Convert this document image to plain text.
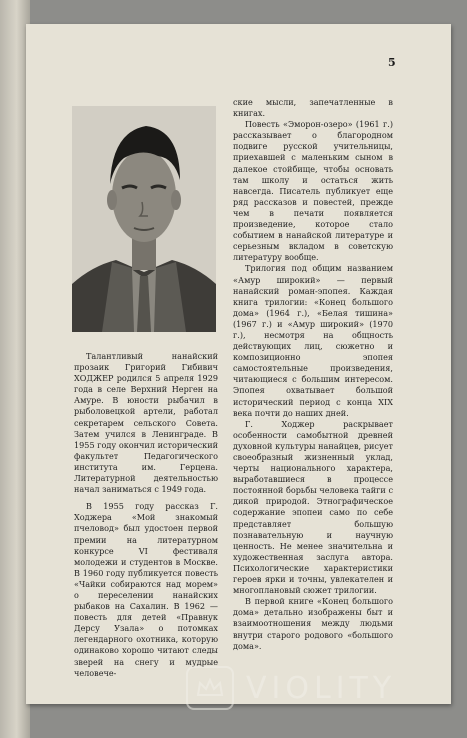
5

Талантливый нанайский прозаик Григорий Гибивич ХОДЖЕР родился 5 апреля 1929 года в селе Верхний Нерген на Амуре. В юности рыбачил в рыболовецкой артели, работал секретарем сельского Совета. Затем учился в Ленинграде. В 1955 году окончил исторический факультет Педагогического института им. Герцена. Литературной деятельностью начал заниматься с 1949 года.

В 1955 году рассказ Г. Ходжера «Мой знакомый пчеловод» был удостоен первой премии на литературном конкурсе VI фестиваля молодежи и студентов в Москве. В 1960 году публикуется повесть «Чайки собираются над морем» о переселении нанайских рыбаков на Сахалин. В 1962 — повесть для детей «Правнук Дерсу Узала» о потомках легендарного охотника, которую одинаково хорошо читают следы зверей на снегу и мудрые человече-

ские мысли, запечатленные в книгах.

Повесть «Эморон-озеро» (1961 г.) рассказывает о благородном подвиге русской учительницы, приехавшей с маленьким сыном в далекое стойбище, чтобы основать там школу и остаться жить навсегда. Писатель публикует еще ряд рассказов и повестей, прежде чем в печати появляется произведение, которое стало событием в нанайской литературе и серьезным вкладом в советскую литературу вообще.

Трилогия под общим названием «Амур широкий» — первый нанайский роман-эпопея. Каждая книга трилогии: «Конец большого дома» (1964 г.), «Белая тишина» (1967 г.) и «Амур широкий» (1970 г.), несмотря на общность действующих лиц, сюжетно и композиционно эпопея самостоятельные произведения, читающиеся с большим интересом. Эпопея охватывает большой исторический период с конца XIX века почти до наших дней.

Г. Ходжер раскрывает особенности самобытной древней духовной культуры нанайцев, рисует своеобразный жизненный уклад, черты национального характера, выработавшиеся в процессе постоянной борьбы человека тайги с дикой природой. Этнографическое содержание эпопеи само по себе представляет большую познавательную и научную ценность. Не менее значительна и художественная заслуга автора. Психологические характеристики героев ярки и точны, увлекателен и многоплановый сюжет трилогии.

В первой книге «Конец большого дома» детально изображены быт и взаимоотношения между людьми внутри старого родового «большого дома».

VIOLITY
